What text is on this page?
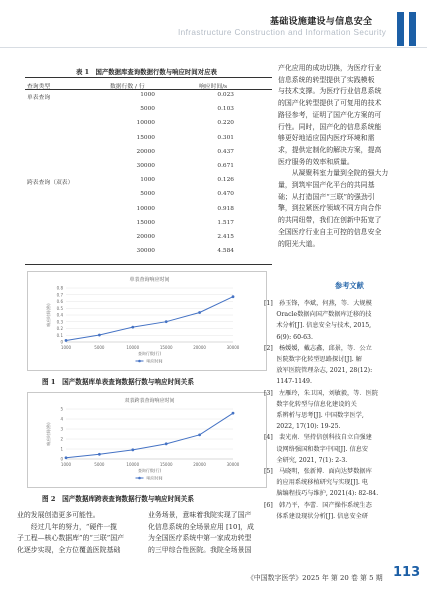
基础设施建设与信息安全
Infrastructure Construction and Information Security
表 1　国产数据库查询数据行数与响应时间对应表
查询类型	数据行数 / 行	响应时间/s
单表查询	1000	0.023
5000	0.103
10000	0.220
15000	0.301
20000	0.437
30000	0.671
跨表查询（双表）	1000	0.126
5000	0.470
10000	0.918
15000	1.517
20000	2.415
30000	4.584
单表查询响应时间
0
0.1
0.2
0.3
0.4
0.5
0.6
0.7
0.8
1000	5000	10000	15000	20000	30000
响应时间(秒)
查询行数(行)
响应时间
图 1　国产数据库单表查询数据行数与响应时间关系
双表跨表查询响应时间
0
1
2
3
4
5
1000	5000	10000	15000	20000	30000
响应时间(秒)
查询行数(行)
响应时间
图 2　国产数据库跨表查询数据行数与响应时间关系
业的发展创造更多可能性。
　　经过几年的努力，“硬件一揽
子工程—核心数据库”的“三联”国产
化逐步实现，全方位覆盖医院基础
业务场景，意味着我院实现了国产
化信息系统的全场景应用 [10]，成
为全国医疗系统中第一家成功转型
的三甲综合性医院。我院全场景国
产化应用的成功切换，为医疗行业
信息系统的转型提供了实践模板
与技术支撑。为医疗行业信息系统
的国产化转型提供了可复用的技术
路径参考，证明了国产化方案的可
行性。同时，国产化的信息系统能
够更好地适应国内医疗环境和需
求，提供定制化的解决方案，提高
医疗服务的效率和质量。
　　从凝聚科室力量到全院的强大力
量，到筑牢国产化平台的共同基
础；从打造国产“三联”的强劲引
擎，到拉紧医疗领域不同方向合作
的共同纽带，我们在创新中拓宽了
全国医疗行业自主可控的信息安全
的阳光大道。
参考文献
[1]　孙玉锋，李斌，何燕，等．大规模
　　Oracle数据向国产数据库迁移的技
　　术分析[J]. 信息安全与技术, 2015,
　　6(9): 60-63.
[2]　杨媛媛，戴志鑫，邱景，等．公立
　　医院数字化转型思路探讨[J]. 解
　　放军医院管理杂志, 2021, 28(12):
　　1147-1149.
[3]　左雁玲，朱卫国，刘敏毅，等．医院
　　数字化转型与信息化建设的关
　　系辨析与思考[J]. 中国数字医学,
　　2022, 17(10): 19-25.
[4]　裴光南．坚持信创科技自立自强建
　　设网络强国和数字中国[J]. 信息安
　　全研究, 2021, 7(1): 2-3.
[5]　马晓明，张新博．面向达梦数据库
　　的应用系统移植研究与实现[J]. 电
　　脑编程技巧与维护, 2021(4): 82-84.
[6]　韩乃平，李蕾．国产操作系统生态
　　体系建设现状分析[J]. 信息安全研
《中国数字医学》2025 年 第 20 卷 第 5 期 113
